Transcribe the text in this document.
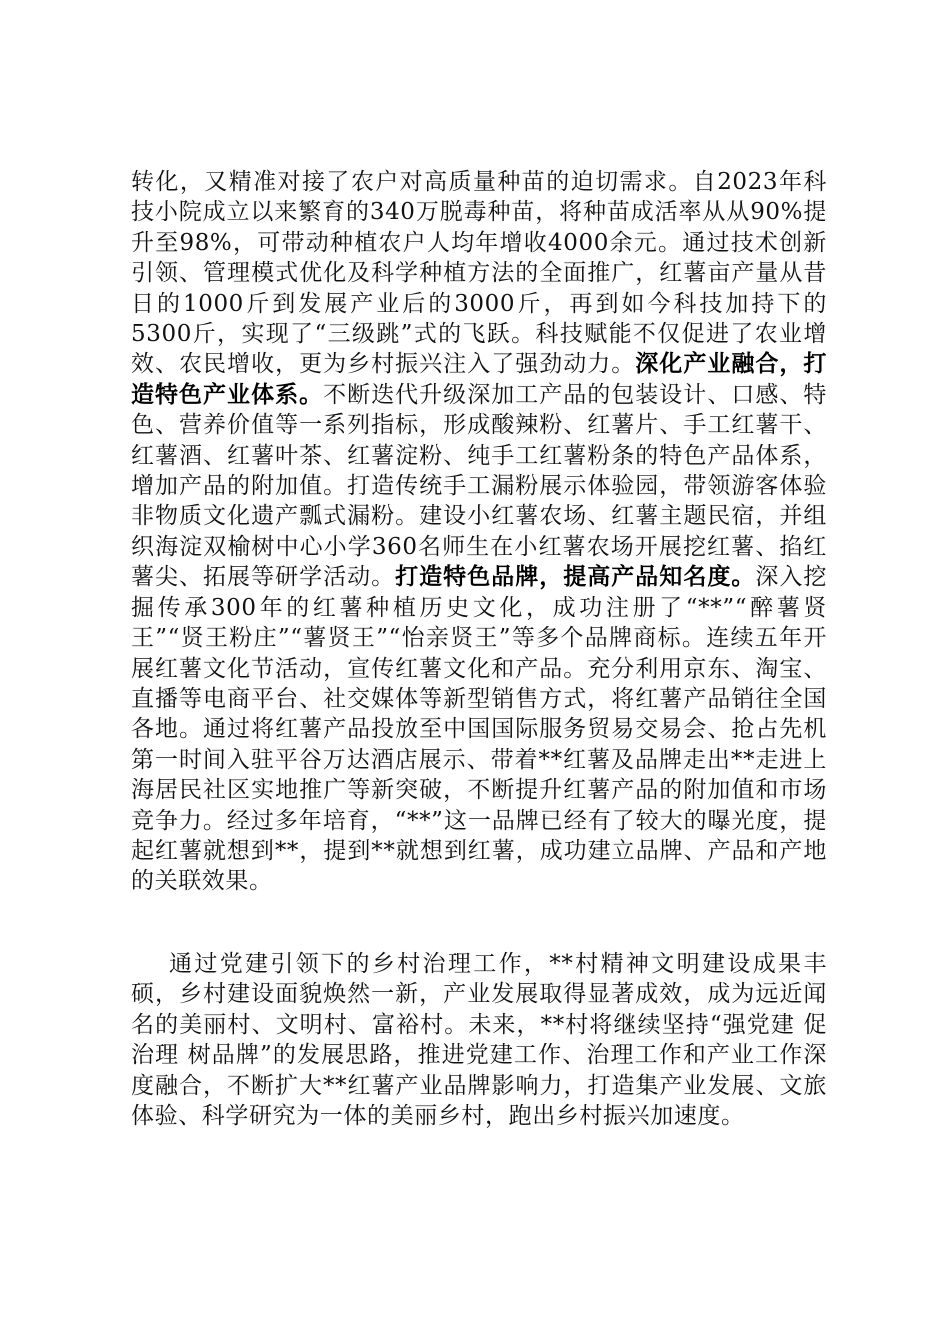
转化，又精准对接了农户对高质量种苗的迫切需求。自2023年科技小院成立以来繁育的340万脱毒种苗，将种苗成活率从从90%提升至98%，可带动种植农户人均年增收4000余元。通过技术创新引领、管理模式优化及科学种植方法的全面推广，红薯亩产量从昔日的1000斤到发展产业后的3000斤，再到如今科技加持下的5300斤，实现了“三级跳”式的飞跃。科技赋能不仅促进了农业增效、农民增收，更为乡村振兴注入了强劲动力。深化产业融合，打造特色产业体系。不断迭代升级深加工产品的包装设计、口感、特色、营养价值等一系列指标，形成酸辣粉、红薯片、手工红薯干、红薯酒、红薯叶茶、红薯淀粉、纯手工红薯粉条的特色产品体系，增加产品的附加值。打造传统手工漏粉展示体验园，带领游客体验非物质文化遗产瓢式漏粉。建设小红薯农场、红薯主题民宿，并组织海淀双榆树中心小学360名师生在小红薯农场开展挖红薯、掐红薯尖、拓展等研学活动。打造特色品牌，提高产品知名度。深入挖掘传承300年的红薯种植历史文化，成功注册了“**”“醉薯贤王”“贤王粉庄”“薯贤王”“怡亲贤王”等多个品牌商标。连续五年开展红薯文化节活动，宣传红薯文化和产品。充分利用京东、淘宝、直播等电商平台、社交媒体等新型销售方式，将红薯产品销往全国各地。通过将红薯产品投放至中国国际服务贸易交易会、抢占先机第一时间入驻平谷万达酒店展示、带着**红薯及品牌走出**走进上海居民社区实地推广等新突破，不断提升红薯产品的附加值和市场竞争力。经过多年培育，“**”这一品牌已经有了较大的曝光度，提起红薯就想到**，提到**就想到红薯，成功建立品牌、产品和产地的关联效果。

通过党建引领下的乡村治理工作，**村精神文明建设成果丰硕，乡村建设面貌焕然一新，产业发展取得显著成效，成为远近闻名的美丽村、文明村、富裕村。未来，**村将继续坚持“强党建 促治理 树品牌”的发展思路，推进党建工作、治理工作和产业工作深度融合，不断扩大**红薯产业品牌影响力，打造集产业发展、文旅体验、科学研究为一体的美丽乡村，跑出乡村振兴加速度。
